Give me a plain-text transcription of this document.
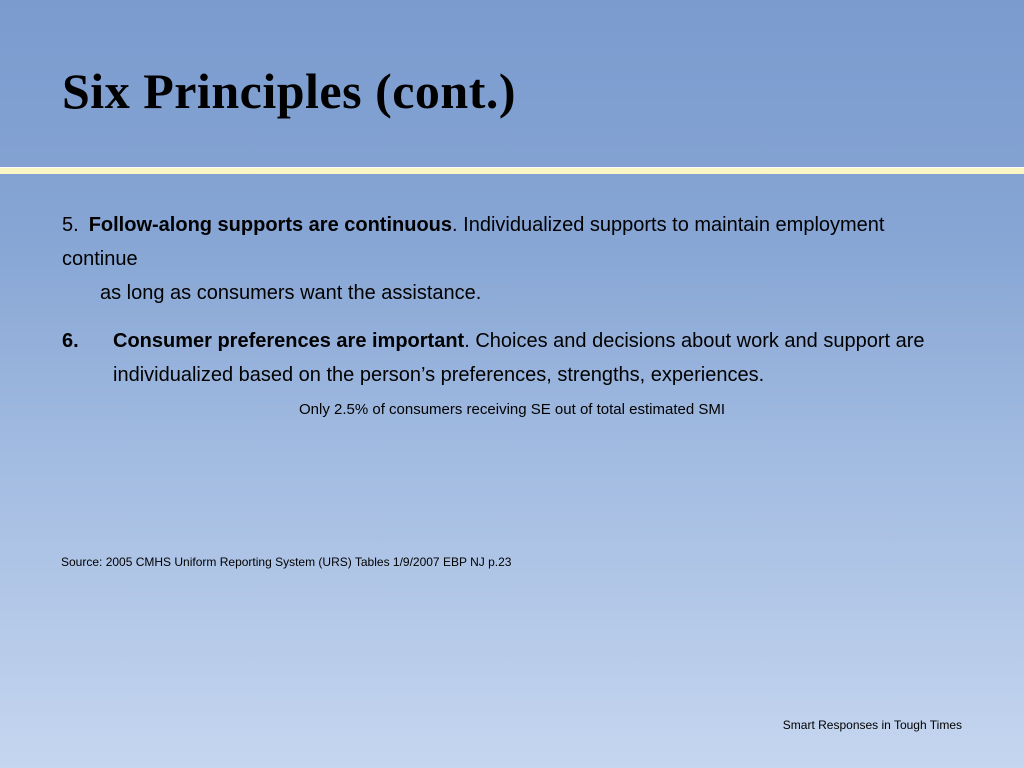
Six Principles (cont.)
5. Follow-along supports are continuous. Individualized supports to maintain employment continue
as long as consumers want the assistance.
6.	Consumer preferences are important. Choices and decisions about work and support are
individualized based on the person’s preferences, strengths, experiences.
Only 2.5% of consumers receiving SE out of total estimated SMI
Source: 2005 CMHS Uniform Reporting System (URS) Tables 1/9/2007 EBP NJ p.23
Smart Responses in Tough Times
